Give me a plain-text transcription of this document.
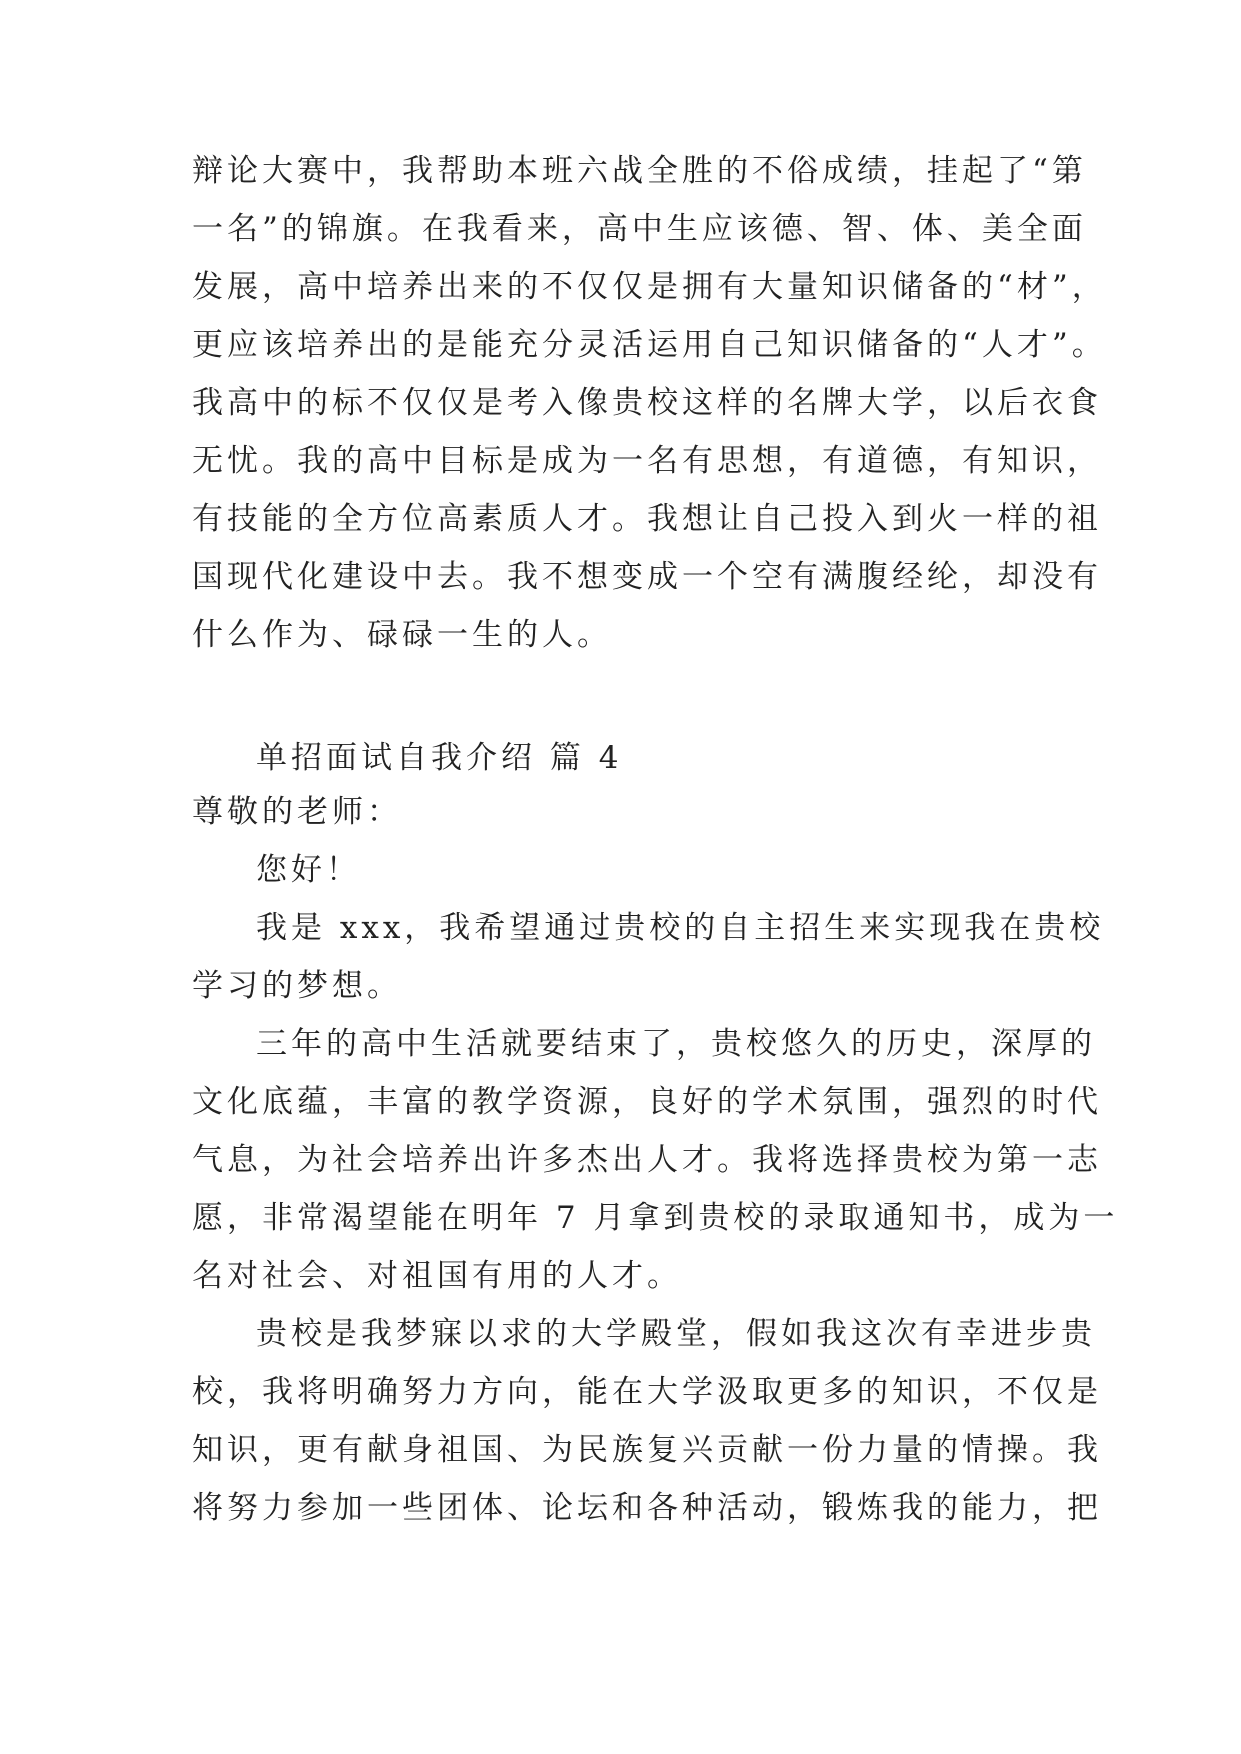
辩论大赛中，我帮助本班六战全胜的不俗成绩，挂起了“第
一名”的锦旗。在我看来，高中生应该德、智、体、美全面
发展，高中培养出来的不仅仅是拥有大量知识储备的“材”，
更应该培养出的是能充分灵活运用自己知识储备的“人才”。
我高中的标不仅仅是考入像贵校这样的名牌大学，以后衣食
无忧。我的高中目标是成为一名有思想，有道德，有知识，
有技能的全方位高素质人才。我想让自己投入到火一样的祖
国现代化建设中去。我不想变成一个空有满腹经纶，却没有
什么作为、碌碌一生的人。
单招面试自我介绍 篇 4
尊敬的老师：
您好！
我是 xxx，我希望通过贵校的自主招生来实现我在贵校
学习的梦想。
三年的高中生活就要结束了，贵校悠久的历史，深厚的
文化底蕴，丰富的教学资源，良好的学术氛围，强烈的时代
气息，为社会培养出许多杰出人才。我将选择贵校为第一志
愿，非常渴望能在明年 7 月拿到贵校的录取通知书，成为一
名对社会、对祖国有用的人才。
贵校是我梦寐以求的大学殿堂，假如我这次有幸进步贵
校，我将明确努力方向，能在大学汲取更多的知识，不仅是
知识，更有献身祖国、为民族复兴贡献一份力量的情操。我
将努力参加一些团体、论坛和各种活动，锻炼我的能力，把
